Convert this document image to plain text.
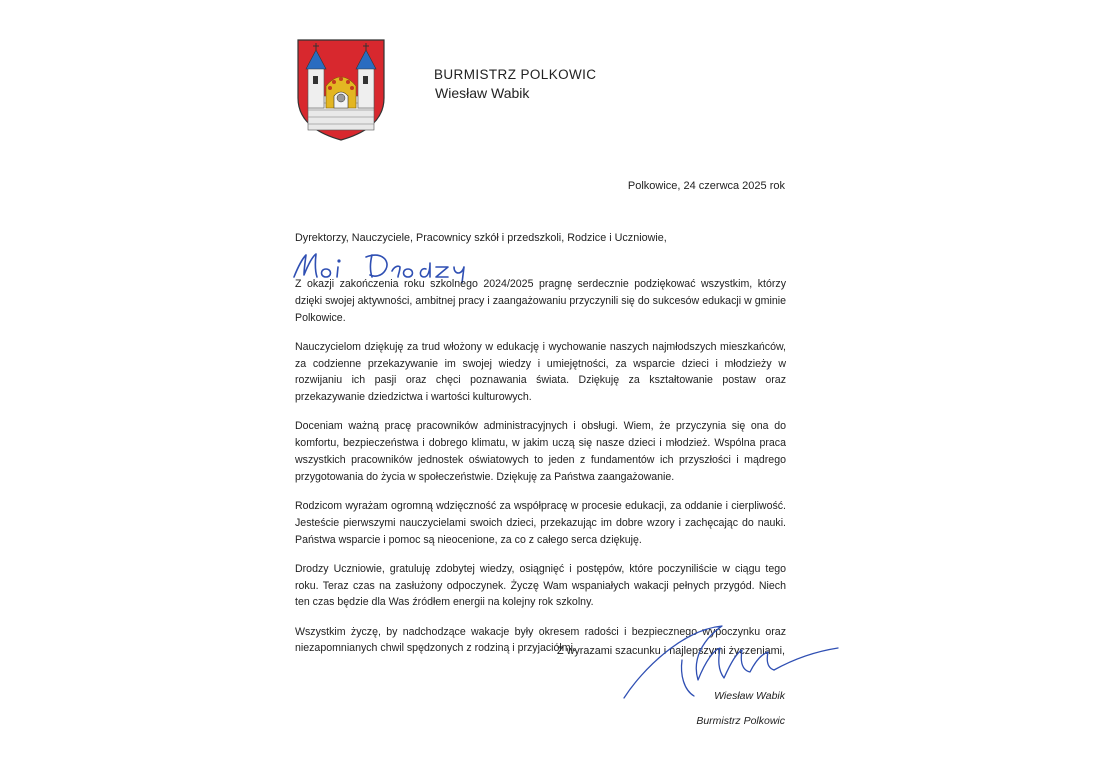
BURMISTRZ POLKOWIC
Wiesław Wabik
Polkowice, 24 czerwca 2025 rok
Dyrektorzy, Nauczyciele, Pracownicy szkół i przedszkoli, Rodzice i Uczniowie,

Z okazji zakończenia roku szkolnego 2024/2025 pragnę serdecznie podziękować wszystkim, którzy dzięki swojej aktywności, ambitnej pracy i zaangażowaniu przyczynili się do sukcesów edukacji w gminie Polkowice.

Nauczycielom dziękuję za trud włożony w edukację i wychowanie naszych najmłodszych mieszkańców, za codzienne przekazywanie im swojej wiedzy i umiejętności, za wsparcie dzieci i młodzieży w rozwijaniu ich pasji oraz chęci poznawania świata. Dziękuję za kształtowanie postaw oraz przekazywanie dziedzictwa i wartości kulturowych.

Doceniam ważną pracę pracowników administracyjnych i obsługi. Wiem, że przyczynia się ona do komfortu, bezpieczeństwa i dobrego klimatu, w jakim uczą się nasze dzieci i młodzież. Wspólna praca wszystkich pracowników jednostek oświatowych to jeden z fundamentów ich przyszłości i mądrego przygotowania do życia w społeczeństwie. Dziękuję za Państwa zaangażowanie.

Rodzicom wyrażam ogromną wdzięczność za współpracę w procesie edukacji, za oddanie i cierpliwość. Jesteście pierwszymi nauczycielami swoich dzieci, przekazując im dobre wzory i zachęcając do nauki. Państwa wsparcie i pomoc są nieocenione, za co z całego serca dziękuję.

Drodzy Uczniowie, gratuluję zdobytej wiedzy, osiągnięć i postępów, które poczyniliście w ciągu tego roku. Teraz czas na zasłużony odpoczynek. Życzę Wam wspaniałych wakacji pełnych przygód. Niech ten czas będzie dla Was źródłem energii na kolejny rok szkolny.

Wszystkim życzę, by nadchodzące wakacje były okresem radości i bezpiecznego wypoczynku oraz niezapomnianych chwil spędzonych z rodziną i przyjaciółmi.

Z wyrazami szacunku i najlepszymi życzeniami,
Wiesław Wabik
Burmistrz Polkowic
